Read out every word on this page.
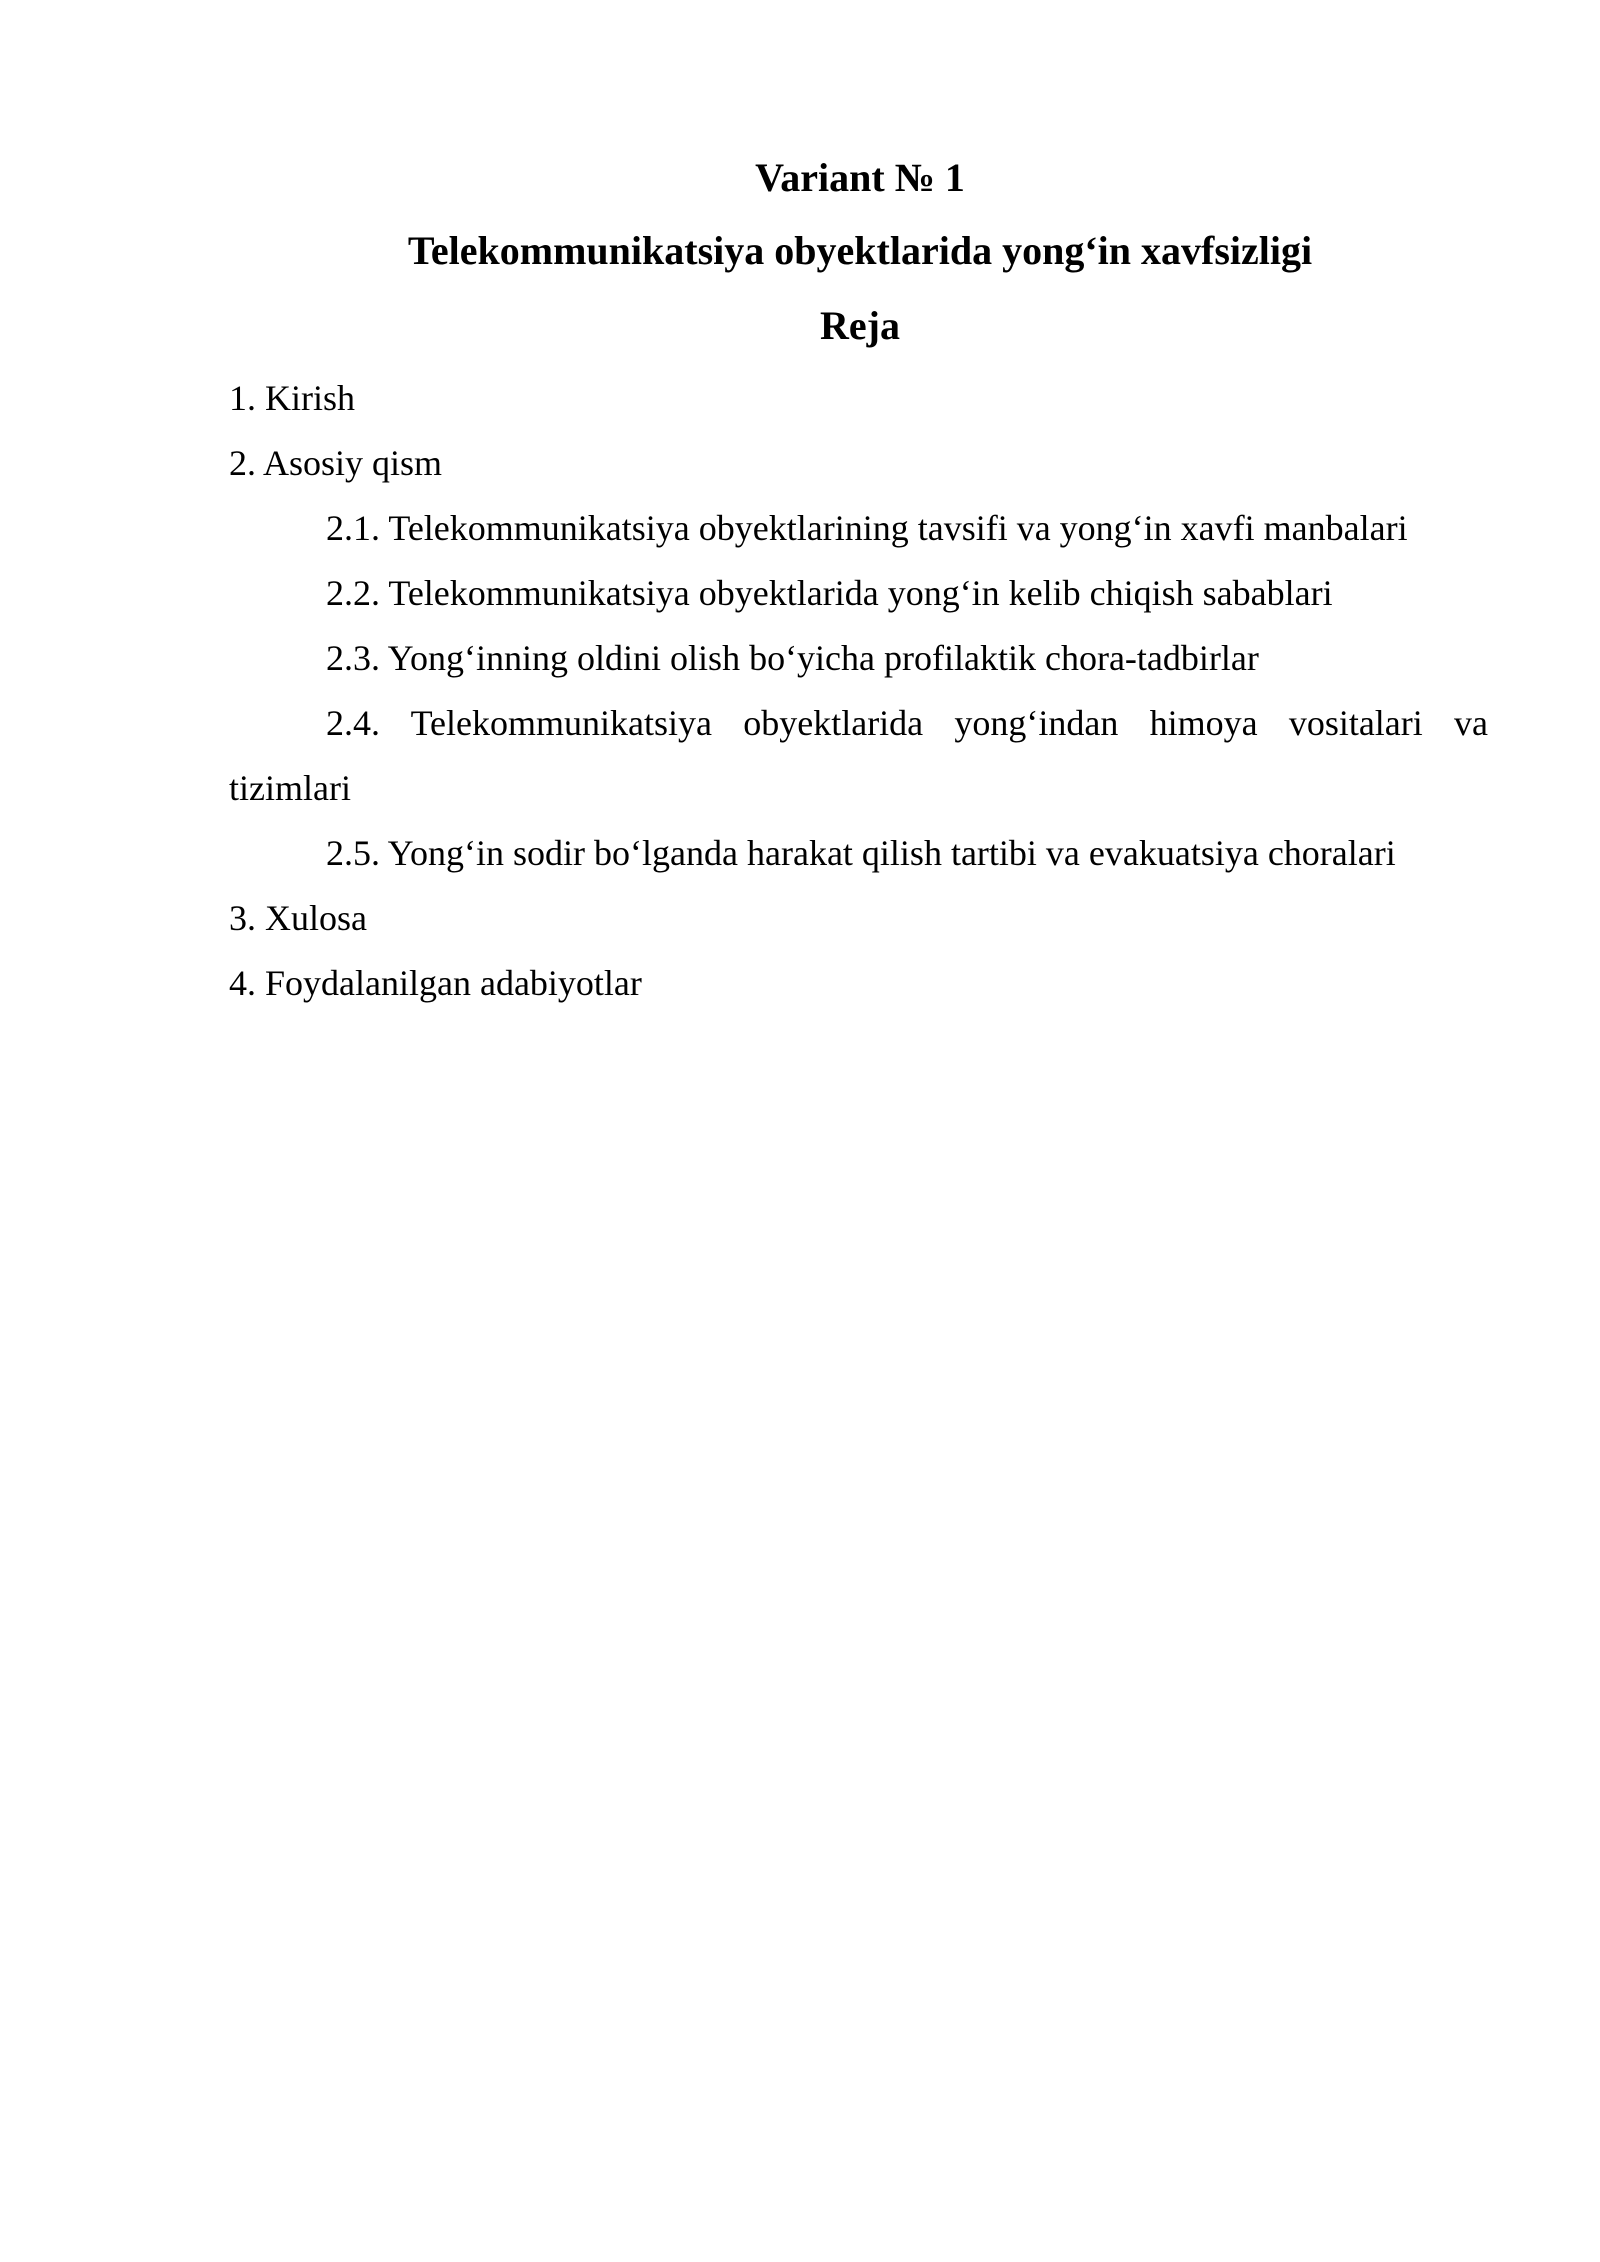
Variant № 1
Telekommunikatsiya obyektlarida yong‘in xavfsizligi
Reja
1. Kirish
2. Asosiy qism
2.1. Telekommunikatsiya obyektlarining tavsifi va yong‘in xavfi manbalari
2.2. Telekommunikatsiya obyektlarida yong‘in kelib chiqish sabablari
2.3. Yong‘inning oldini olish bo‘yicha profilaktik chora-tadbirlar
2.4. Telekommunikatsiya obyektlarida yong‘indan himoya vositalari va
tizimlari
2.5. Yong‘in sodir bo‘lganda harakat qilish tartibi va evakuatsiya choralari
3. Xulosa
4. Foydalanilgan adabiyotlar
